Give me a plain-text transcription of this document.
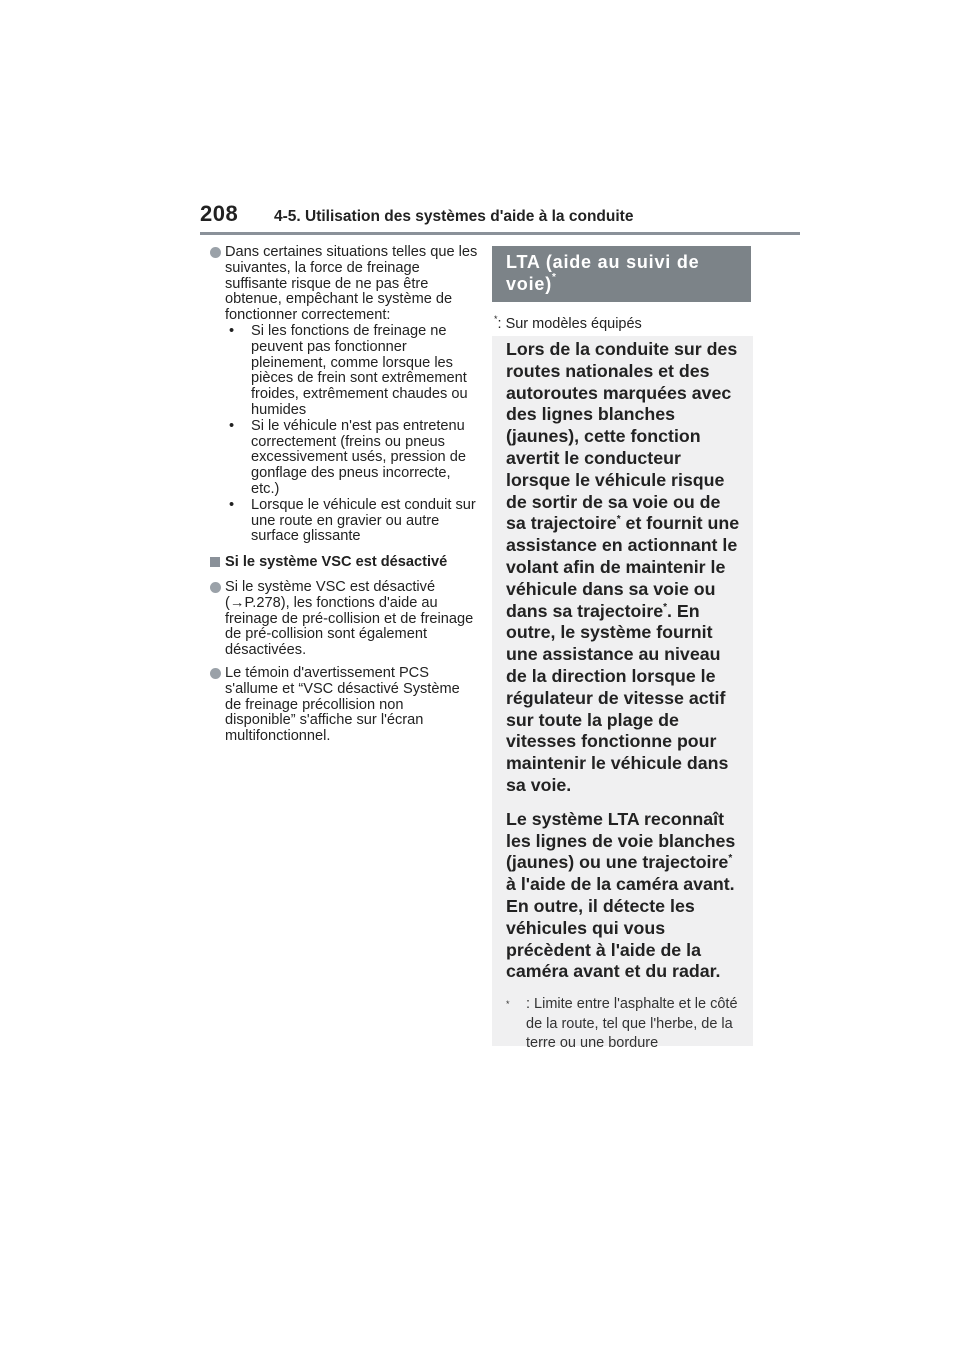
208 4-5. Utilisation des systèmes d'aide à la conduite
Dans certaines situations telles que les suivantes, la force de freinage suffisante risque de ne pas être obtenue, empêchant le système de fonctionner correctement:
• Si les fonctions de freinage ne peuvent pas fonctionner pleinement, comme lorsque les pièces de frein sont extrêmement froides, extrêmement chaudes ou humides
• Si le véhicule n'est pas entretenu correctement (freins ou pneus excessivement usés, pression de gonflage des pneus incorrecte, etc.)
• Lorsque le véhicule est conduit sur une route en gravier ou autre surface glissante
Si le système VSC est désactivé
Si le système VSC est désactivé (→P.278), les fonctions d'aide au freinage de pré-collision et de freinage de pré-collision sont également désactivées.
Le témoin d'avertissement PCS s'allume et “VSC désactivé Système de freinage précollision non disponible” s'affiche sur l'écran multifonctionnel.
LTA (aide au suivi de voie)*
*: Sur modèles équipés

Lors de la conduite sur des routes nationales et des autoroutes marquées avec des lignes blanches (jaunes), cette fonction avertit le conducteur lorsque le véhicule risque de sortir de sa voie ou de sa trajectoire* et fournit une assistance en actionnant le volant afin de maintenir le véhicule dans sa voie ou dans sa trajectoire*. En outre, le système fournit une assistance au niveau de la direction lorsque le régulateur de vitesse actif sur toute la plage de vitesses fonctionne pour maintenir le véhicule dans sa voie.

Le système LTA reconnaît les lignes de voie blanches (jaunes) ou une trajectoire* à l'aide de la caméra avant. En outre, il détecte les véhicules qui vous précèdent à l'aide de la caméra avant et du radar.

* : Limite entre l'asphalte et le côté de la route, tel que l'herbe, de la terre ou une bordure
